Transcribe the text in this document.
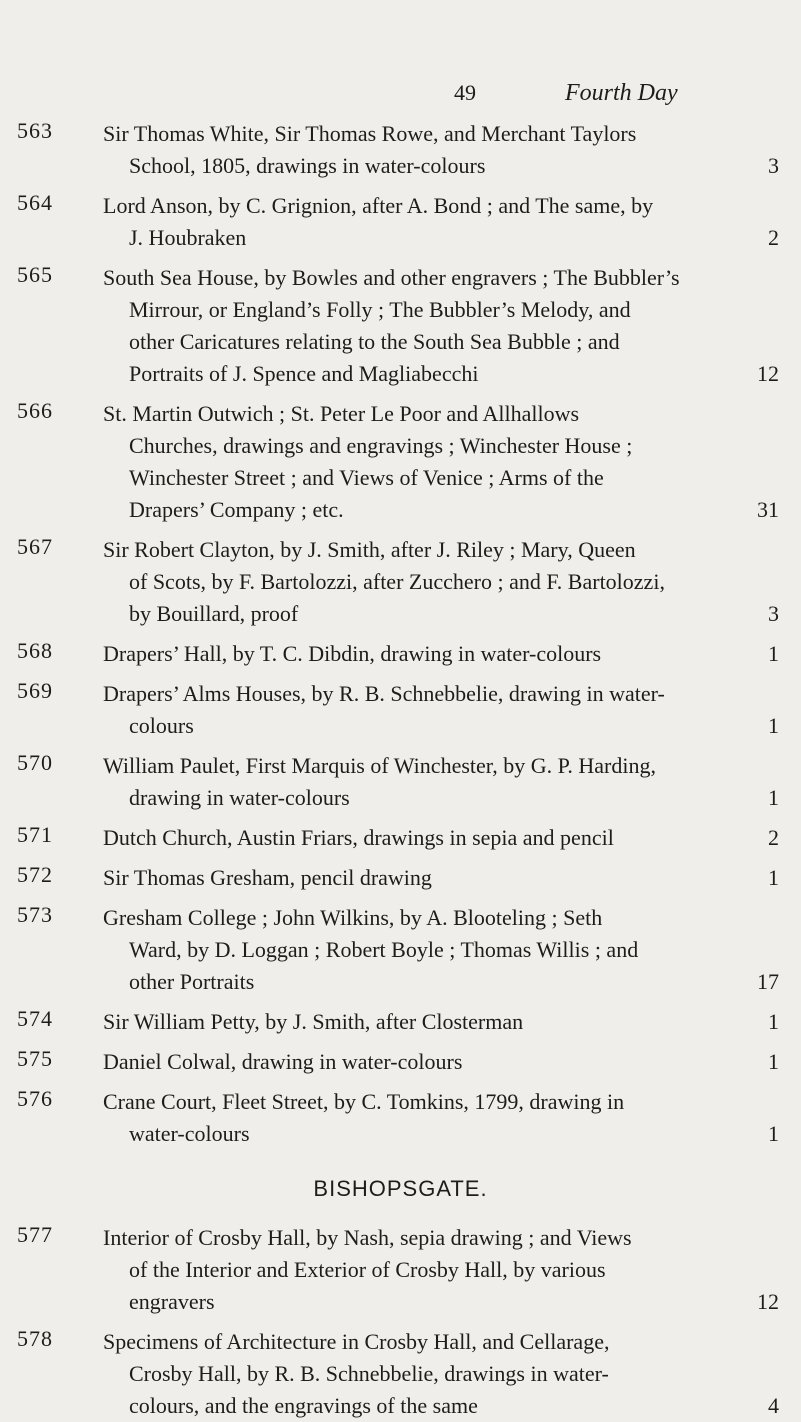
49	Fourth Day
563 Sir Thomas White, Sir Thomas Rowe, and Merchant Taylors
School, 1805, drawings in water-colours	3
564 Lord Anson, by C. Grignion, after A. Bond ; and The same, by
J. Houbraken	2
565 South Sea House, by Bowles and other engravers ; The Bubbler’s
Mirrour, or England’s Folly ; The Bubbler’s Melody, and
other Caricatures relating to the South Sea Bubble ; and
Portraits of J. Spence and Magliabecchi	12
566 St. Martin Outwich ; St. Peter Le Poor and Allhallows
Churches, drawings and engravings ; Winchester House ;
Winchester Street ; and Views of Venice ; Arms of the
Drapers’ Company ; etc.	31
567 Sir Robert Clayton, by J. Smith, after J. Riley ; Mary, Queen
of Scots, by F. Bartolozzi, after Zucchero ; and F. Bartolozzi,
by Bouillard, proof	3
568 Drapers’ Hall, by T. C. Dibdin, drawing in water-colours	1
569 Drapers’ Alms Houses, by R. B. Schnebbelie, drawing in water-
colours	1
570 William Paulet, First Marquis of Winchester, by G. P. Harding,
drawing in water-colours	1
571 Dutch Church, Austin Friars, drawings in sepia and pencil	2
572 Sir Thomas Gresham, pencil drawing	1
573 Gresham College ; John Wilkins, by A. Blooteling ; Seth
Ward, by D. Loggan ; Robert Boyle ; Thomas Willis ; and
other Portraits	17
574 Sir William Petty, by J. Smith, after Closterman	1
575 Daniel Colwal, drawing in water-colours	1
576 Crane Court, Fleet Street, by C. Tomkins, 1799, drawing in
water-colours	1
577 Interior of Crosby Hall, by Nash, sepia drawing ; and Views
of the Interior and Exterior of Crosby Hall, by various
engravers	12
578 Specimens of Architecture in Crosby Hall, and Cellarage,
Crosby Hall, by R. B. Schnebbelie, drawings in water-
colours, and the engravings of the same	4
BISHOPSGATE.
